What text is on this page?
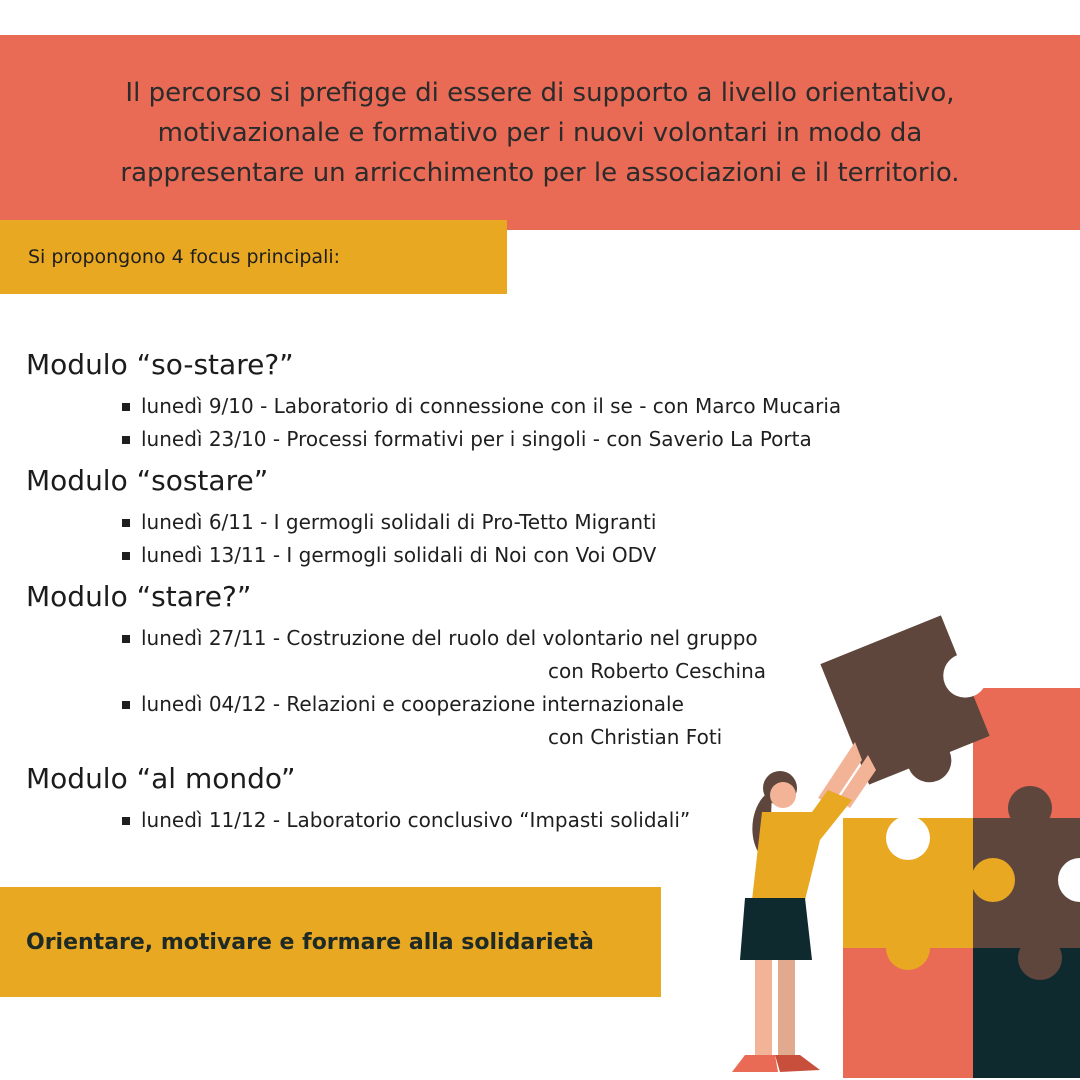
Il percorso si prefigge di essere di supporto a livello orientativo,
motivazionale e formativo per i nuovi volontari in modo da
rappresentare un arricchimento per le associazioni e il territorio.

Si propongono 4 focus principali:
Modulo “so-stare?”
lunedì 9/10 - Laboratorio di connessione con il se - con Marco Mucaria
lunedì 23/10 - Processi formativi per i singoli - con Saverio La Porta
Modulo “sostare”
lunedì 6/11 - I germogli solidali di Pro-Tetto Migranti
lunedì 13/11 - I germogli solidali di Noi con Voi ODV
Modulo “stare?”
lunedì 27/11 - Costruzione del ruolo del volontario nel gruppo
con Roberto Ceschina
lunedì 04/12 - Relazioni e cooperazione internazionale
con Christian Foti
Modulo “al mondo”
lunedì 11/12 - Laboratorio conclusivo “Impasti solidali”
Orientare, motivare e formare alla solidarietà
